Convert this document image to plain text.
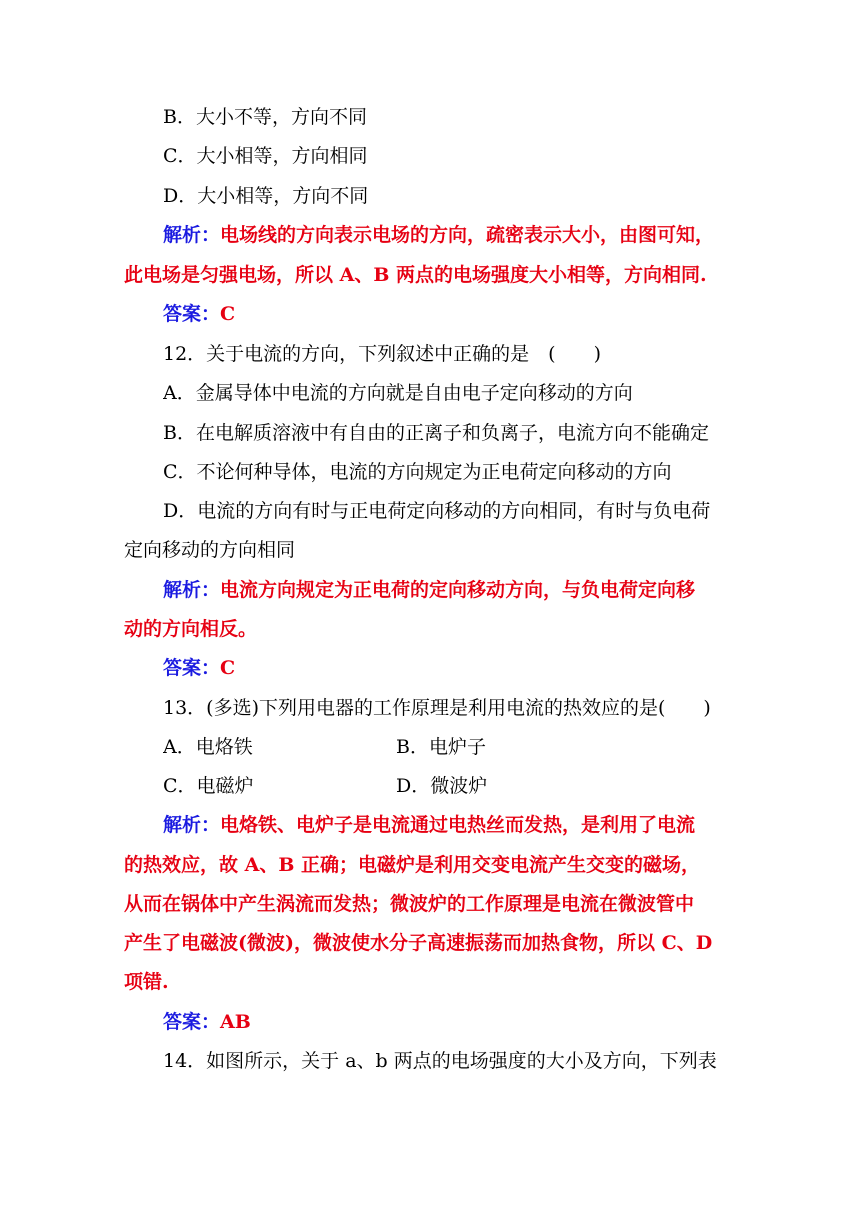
B．大小不等，方向不同
C．大小相等，方向相同
D．大小相等，方向不同
解析：电场线的方向表示电场的方向，疏密表示大小，由图可知，
此电场是匀强电场，所以 A、B 两点的电场强度大小相等，方向相同.
答案：C
12．关于电流的方向，下列叙述中正确的是　(　　)
A．金属导体中电流的方向就是自由电子定向移动的方向
B．在电解质溶液中有自由的正离子和负离子，电流方向不能确定
C．不论何种导体，电流的方向规定为正电荷定向移动的方向
D．电流的方向有时与正电荷定向移动的方向相同，有时与负电荷
定向移动的方向相同
解析：电流方向规定为正电荷的定向移动方向，与负电荷定向移
动的方向相反。
答案：C
13．(多选)下列用电器的工作原理是利用电流的热效应的是(　　)
A．电烙铁	B．电炉子
C．电磁炉	D．微波炉
解析：电烙铁、电炉子是电流通过电热丝而发热，是利用了电流
的热效应，故 A、B 正确；电磁炉是利用交变电流产生交变的磁场，
从而在锅体中产生涡流而发热；微波炉的工作原理是电流在微波管中
产生了电磁波(微波)，微波使水分子高速振荡而加热食物，所以 C、D
项错.
答案：AB
14．如图所示，关于 a、b 两点的电场强度的大小及方向，下列表
